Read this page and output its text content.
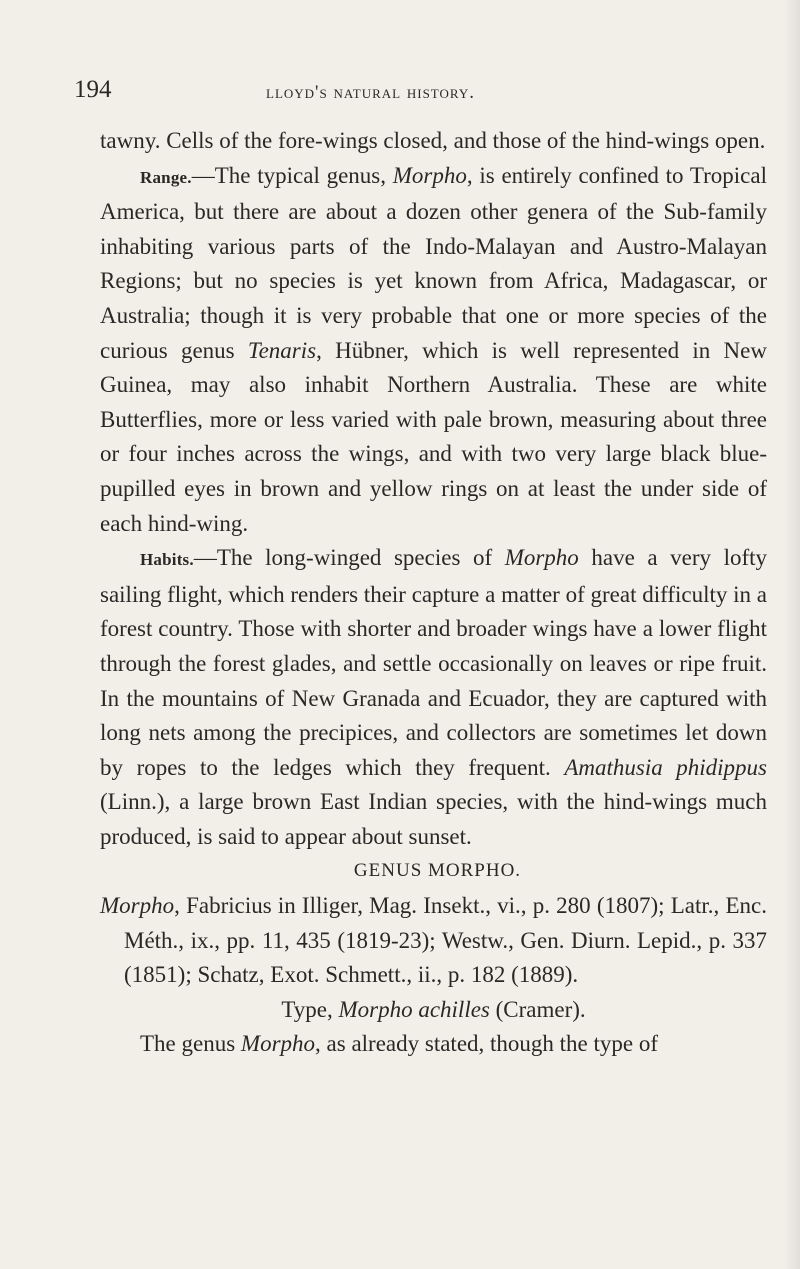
194	lloyd's natural history.

tawny. Cells of the fore-wings closed, and those of the hind-wings open.

Range.—The typical genus, Morpho, is entirely confined to Tropical America, but there are about a dozen other genera of the Sub-family inhabiting various parts of the Indo-Malayan and Austro-Malayan Regions; but no species is yet known from Africa, Madagascar, or Australia; though it is very probable that one or more species of the curious genus Tenaris, Hübner, which is well represented in New Guinea, may also inhabit Northern Australia. These are white Butterflies, more or less varied with pale brown, measuring about three or four inches across the wings, and with two very large black blue-pupilled eyes in brown and yellow rings on at least the under side of each hind-wing.

Habits.—The long-winged species of Morpho have a very lofty sailing flight, which renders their capture a matter of great difficulty in a forest country. Those with shorter and broader wings have a lower flight through the forest glades, and settle occasionally on leaves or ripe fruit. In the mountains of New Granada and Ecuador, they are captured with long nets among the precipices, and collectors are sometimes let down by ropes to the ledges which they frequent. Amathusia phidippus (Linn.), a large brown East Indian species, with the hind-wings much produced, is said to appear about sunset.

GENUS MORPHO.

Morpho, Fabricius in Illiger, Mag. Insekt., vi., p. 280 (1807); Latr., Enc. Méth., ix., pp. 11, 435 (1819-23); Westw., Gen. Diurn. Lepid., p. 337 (1851); Schatz, Exot. Schmett., ii., p. 182 (1889).

Type, Morpho achilles (Cramer).

The genus Morpho, as already stated, though the type of
